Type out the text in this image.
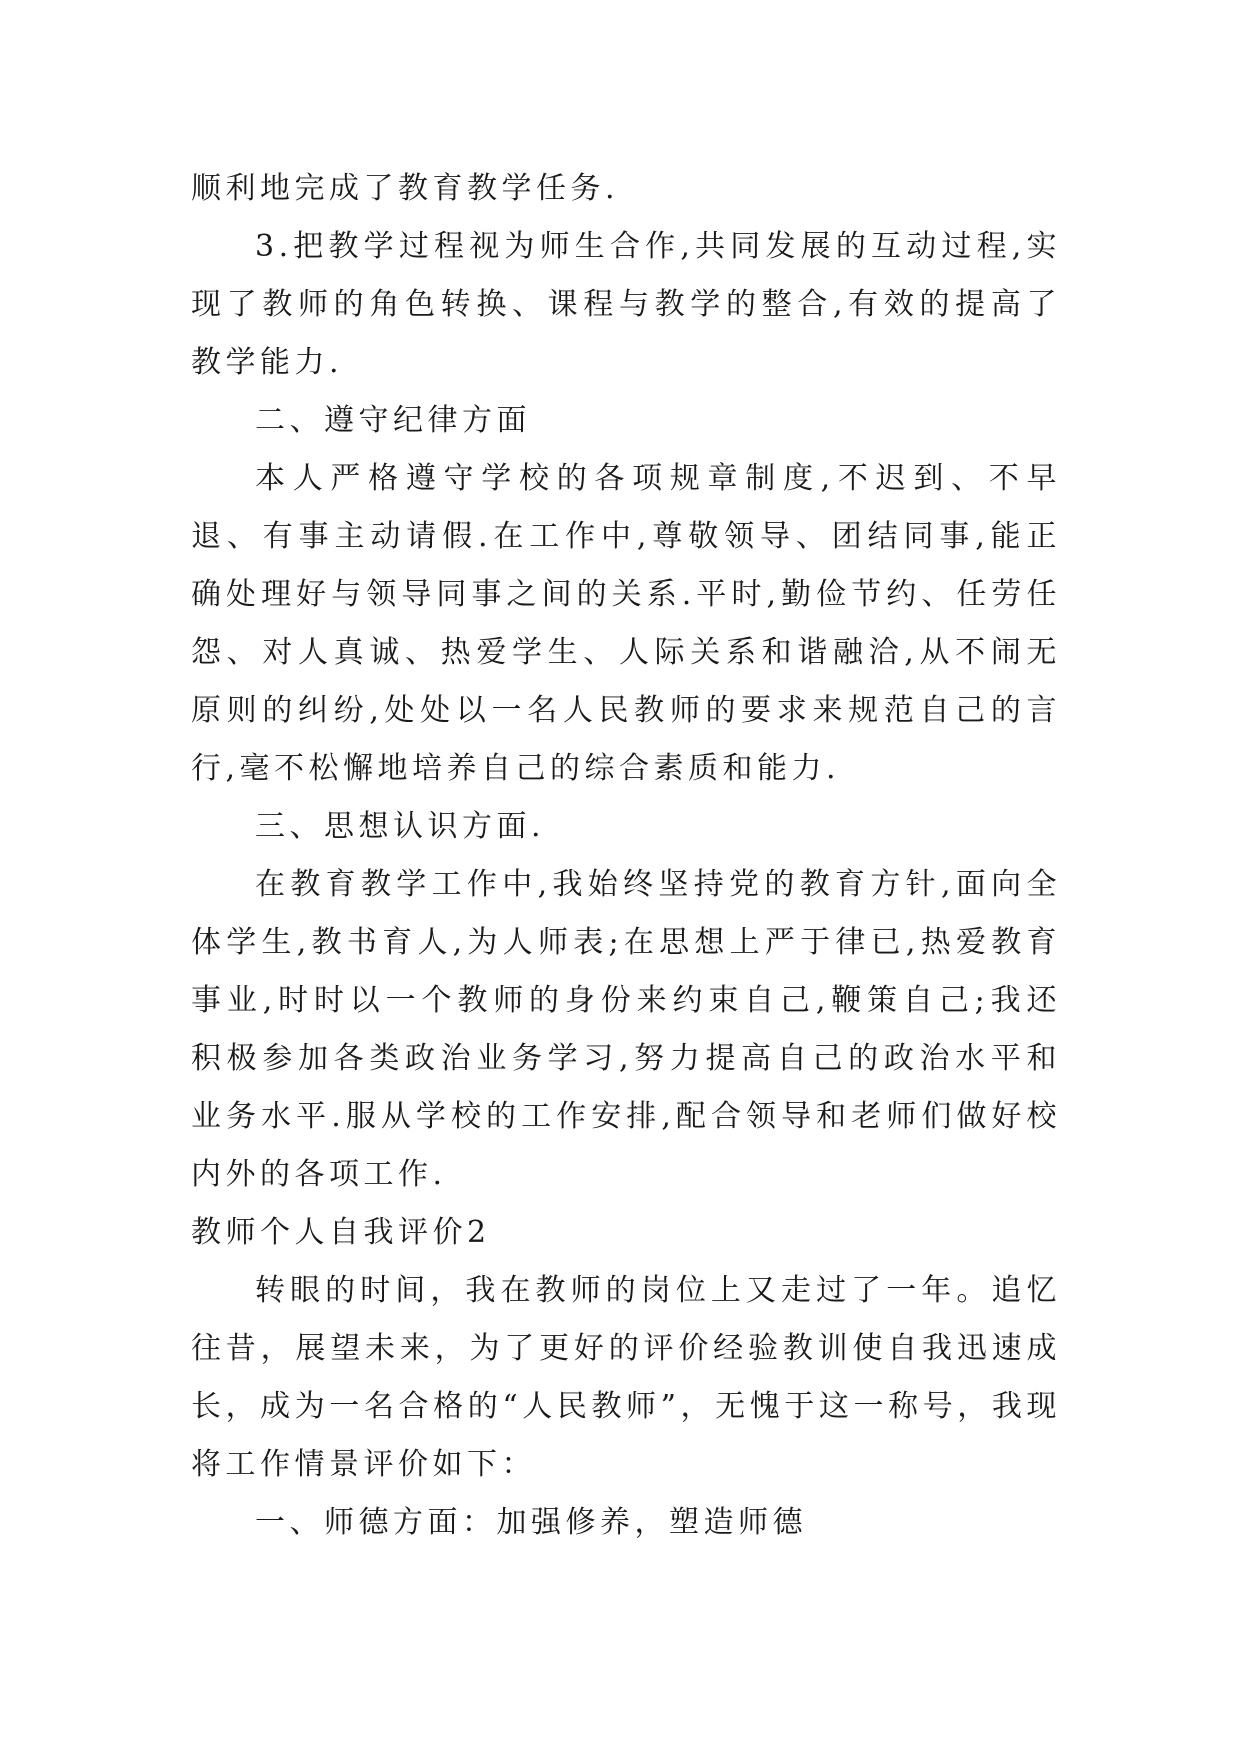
顺利地完成了教育教学任务.

3.把教学过程视为师生合作,共同发展的互动过程,实现了教师的角色转换、课程与教学的整合,有效的提高了教学能力.

二、遵守纪律方面

本人严格遵守学校的各项规章制度,不迟到、不早退、有事主动请假.在工作中,尊敬领导、团结同事,能正确处理好与领导同事之间的关系.平时,勤俭节约、任劳任怨、对人真诚、热爱学生、人际关系和谐融洽,从不闹无原则的纠纷,处处以一名人民教师的要求来规范自己的言行,毫不松懈地培养自己的综合素质和能力.

三、思想认识方面.

在教育教学工作中,我始终坚持党的教育方针,面向全体学生,教书育人,为人师表;在思想上严于律已,热爱教育事业,时时以一个教师的身份来约束自己,鞭策自己;我还积极参加各类政治业务学习,努力提高自己的政治水平和业务水平.服从学校的工作安排,配合领导和老师们做好校内外的各项工作.

教师个人自我评价2

转眼的时间，我在教师的岗位上又走过了一年。追忆往昔，展望未来，为了更好的评价经验教训使自我迅速成长，成为一名合格的“人民教师”，无愧于这一称号，我现将工作情景评价如下：

一、师德方面：加强修养，塑造师德
